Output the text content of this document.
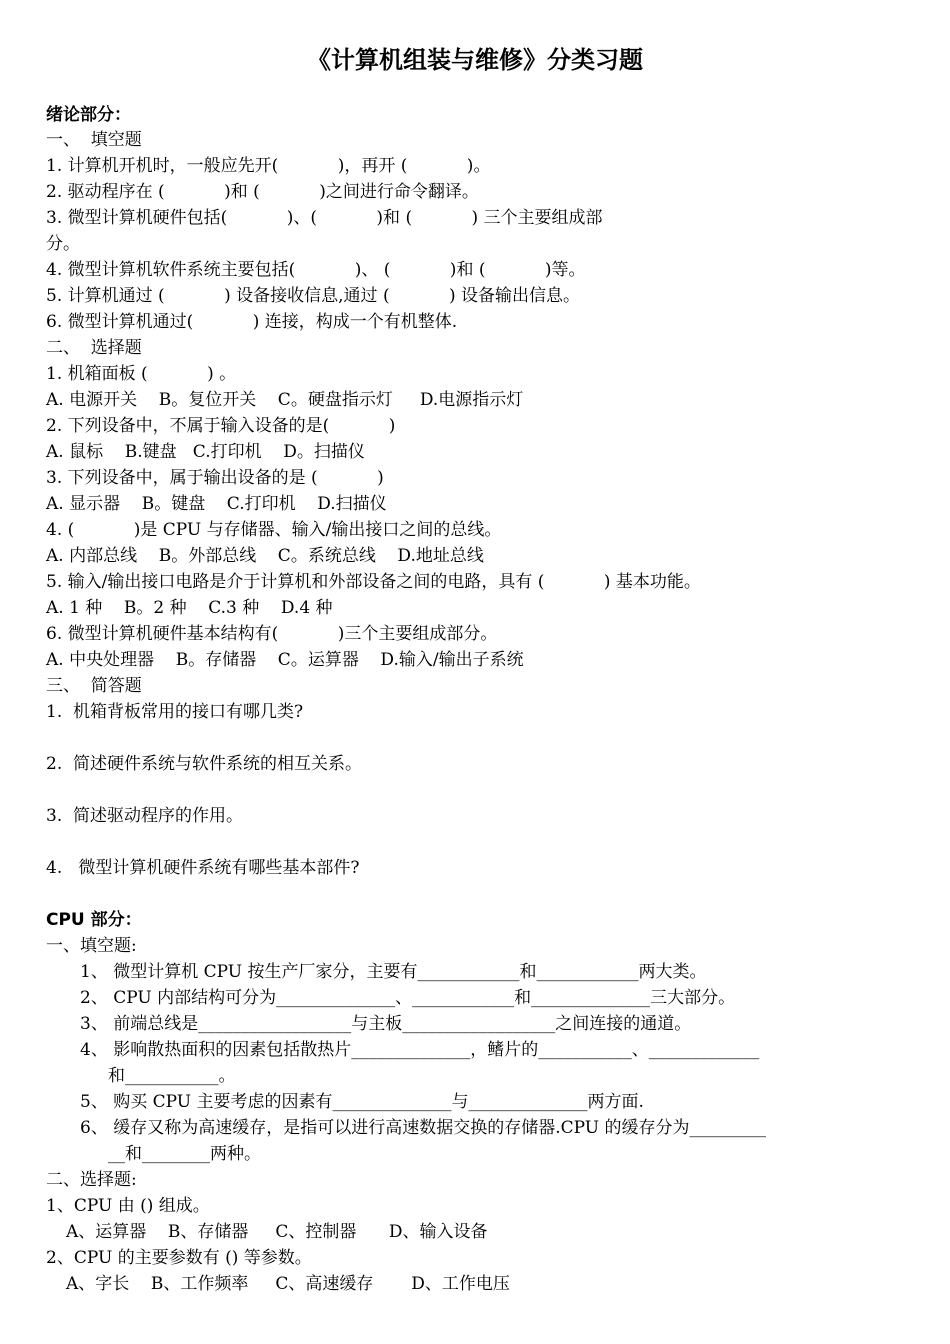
《计算机组装与维修》分类习题
绪论部分：
一、  填空题
1. 计算机开机时，一般应先开(           )，再开 (           )。
2. 驱动程序在 (           )和 (           )之间进行命令翻译。
3. 微型计算机硬件包括(           )、(           )和 (           ) 三个主要组成部
分。
4. 微型计算机软件系统主要包括(           )、 (           )和 (           )等。
5. 计算机通过 (           ) 设备接收信息,通过 (           ) 设备输出信息。
6. 微型计算机通过(           ) 连接，构成一个有机整体.
二、  选择题
1. 机箱面板 (           ) 。
A. 电源开关    B。复位开关    C。硬盘指示灯     D.电源指示灯
2. 下列设备中，不属于输入设备的是(           )
A. 鼠标    B.键盘   C.打印机    D。扫描仪
3. 下列设备中，属于输出设备的是 (           )
A. 显示器    B。键盘    C.打印机    D.扫描仪
4. (           )是 CPU 与存储器、输入/输出接口之间的总线。
A. 内部总线    B。外部总线    C。系统总线    D.地址总线
5. 输入/输出接口电路是介于计算机和外部设备之间的电路，具有 (           ) 基本功能。
A. 1 种    B。2 种    C.3 种    D.4 种
6. 微型计算机硬件基本结构有(           )三个主要组成部分。
A. 中央处理器    B。存储器    C。运算器    D.输入/输出子系统
三、  简答题
1.  机箱背板常用的接口有哪几类?
2.  简述硬件系统与软件系统的相互关系。
3.  简述驱动程序的作用。
4.   微型计算机硬件系统有哪些基本部件?
CPU 部分：
一、填空题:
1、 微型计算机 CPU 按生产厂家分，主要有____________和____________两大类。
2、 CPU 内部结构可分为______________、____________和______________三大部分。
3、 前端总线是__________________与主板__________________之间连接的通道。
4、 影响散热面积的因素包括散热片______________，鳍片的___________、_____________
和___________。
5、 购买 CPU 主要考虑的因素有______________与______________两方面.
6、 缓存又称为高速缓存，是指可以进行高速数据交换的存储器.CPU 的缓存分为_________
__和________两种。
二、选择题:
1、CPU 由 () 组成。
A、运算器    B、存储器     C、控制器      D、输入设备
2、CPU 的主要参数有 () 等参数。
A、字长    B、工作频率     C、高速缓存       D、工作电压
